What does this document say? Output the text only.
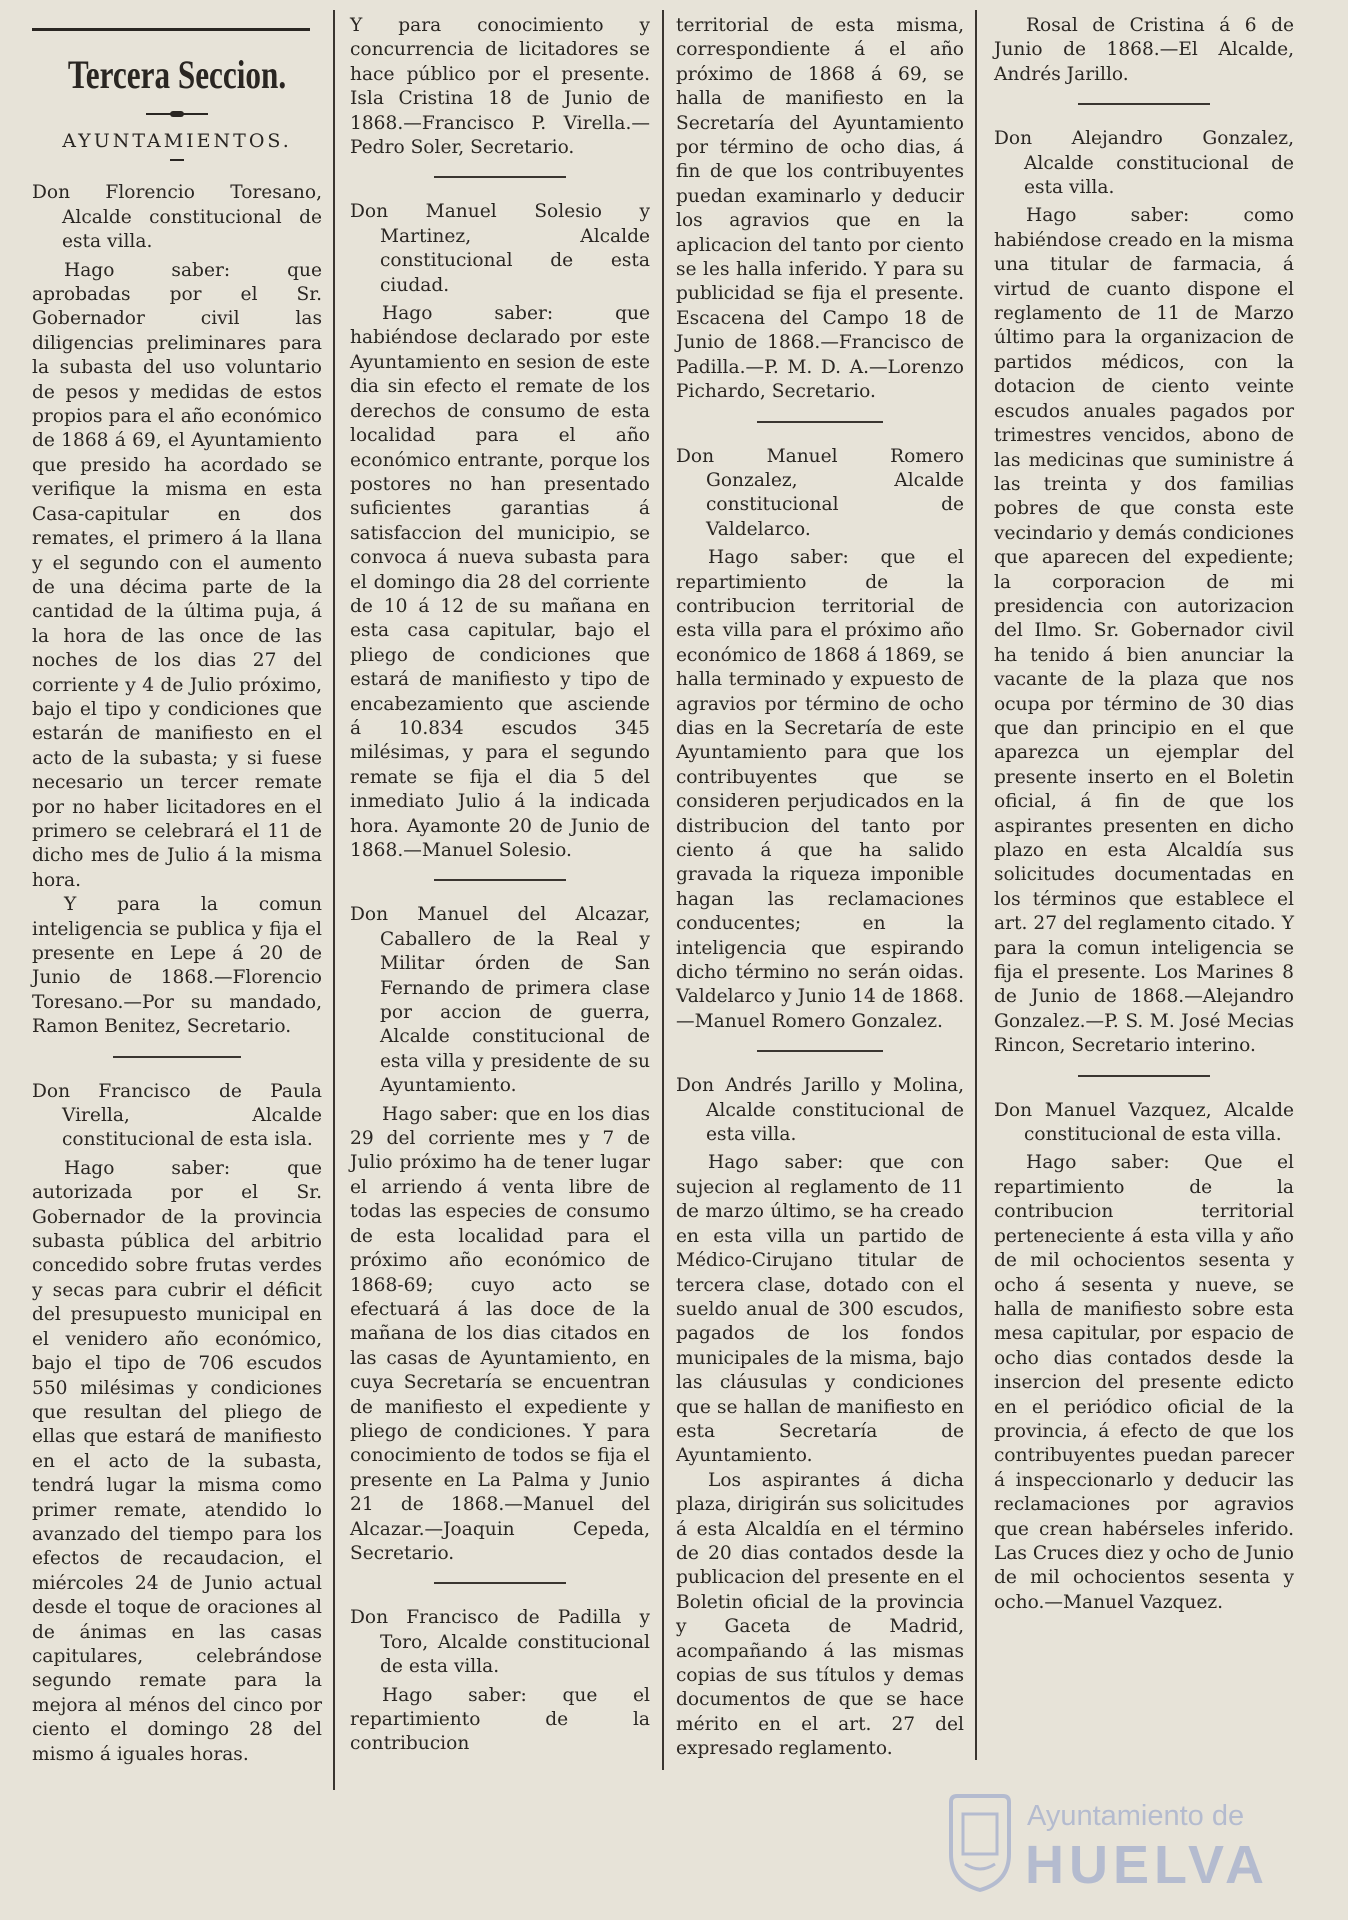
Tercera Seccion.
AYUNTAMIENTOS.
Don Florencio Toresano, Alcalde constitucional de esta villa.

Hago saber: que aprobadas por el Sr. Gobernador civil las diligencias preliminares para la subasta del uso voluntario de pesos y medidas de estos propios para el año económico de 1868 á 69, el Ayuntamiento que presido ha acordado se verifique la misma en esta Casa-capitular en dos remates, el primero á la llana y el segundo con el aumento de una décima parte de la cantidad de la última puja, á la hora de las once de las noches de los dias 27 del corriente y 4 de Julio próximo, bajo el tipo y condiciones que estarán de manifiesto en el acto de la subasta; y si fuese necesario un tercer remate por no haber licitadores en el primero se celebrará el 11 de dicho mes de Julio á la misma hora.

Y para la comun inteligencia se publica y fija el presente en Lepe á 20 de Junio de 1868.—Florencio Toresano.—Por su mandado, Ramon Benitez, Secretario.

Don Francisco de Paula Virella, Alcalde constitucional de esta isla.

Hago saber: que autorizada por el Sr. Gobernador de la provincia subasta pública del arbitrio concedido sobre frutas verdes y secas para cubrir el déficit del presupuesto municipal en el venidero año económico, bajo el tipo de 706 escudos 550 milésimas y condiciones que resultan del pliego de ellas que estará de manifiesto en el acto de la subasta, tendrá lugar la misma como primer remate, atendido lo avanzado del tiempo para los efectos de recaudacion, el miércoles 24 de Junio actual desde el toque de oraciones al de ánimas en las casas capitulares, celebrándose segundo remate para la mejora al ménos del cinco por ciento el domingo 28 del mismo á iguales horas.

Y para conocimiento y concurrencia de licitadores se hace público por el presente. Isla Cristina 18 de Junio de 1868.—Francisco P. Virella.—Pedro Soler, Secretario.

Don Manuel Solesio y Martinez, Alcalde constitucional de esta ciudad.

Hago saber: que habiéndose declarado por este Ayuntamiento en sesion de este dia sin efecto el remate de los derechos de consumo de esta localidad para el año económico entrante, porque los postores no han presentado suficientes garantias á satisfaccion del municipio, se convoca á nueva subasta para el domingo dia 28 del corriente de 10 á 12 de su mañana en esta casa capitular, bajo el pliego de condiciones que estará de manifiesto y tipo de encabezamiento que asciende á 10.834 escudos 345 milésimas, y para el segundo remate se fija el dia 5 del inmediato Julio á la indicada hora. Ayamonte 20 de Junio de 1868.—Manuel Solesio.

Don Manuel del Alcazar, Caballero de la Real y Militar órden de San Fernando de primera clase por accion de guerra, Alcalde constitucional de esta villa y presidente de su Ayuntamiento.

Hago saber: que en los dias 29 del corriente mes y 7 de Julio próximo ha de tener lugar el arriendo á venta libre de todas las especies de consumo de esta localidad para el próximo año económico de 1868-69; cuyo acto se efectuará á las doce de la mañana de los dias citados en las casas de Ayuntamiento, en cuya Secretaría se encuentran de manifiesto el expediente y pliego de condiciones. Y para conocimiento de todos se fija el presente en La Palma y Junio 21 de 1868.—Manuel del Alcazar.—Joaquin Cepeda, Secretario.

Don Francisco de Padilla y Toro, Alcalde constitucional de esta villa.

Hago saber: que el repartimiento de la contribucion

territorial de esta misma, correspondiente á el año próximo de 1868 á 69, se halla de manifiesto en la Secretaría del Ayuntamiento por término de ocho dias, á fin de que los contribuyentes puedan examinarlo y deducir los agravios que en la aplicacion del tanto por ciento se les halla inferido. Y para su publicidad se fija el presente. Escacena del Campo 18 de Junio de 1868.—Francisco de Padilla.—P. M. D. A.—Lorenzo Pichardo, Secretario.

Don Manuel Romero Gonzalez, Alcalde constitucional de Valdelarco.

Hago saber: que el repartimiento de la contribucion territorial de esta villa para el próximo año económico de 1868 á 1869, se halla terminado y expuesto de agravios por término de ocho dias en la Secretaría de este Ayuntamiento para que los contribuyentes que se consideren perjudicados en la distribucion del tanto por ciento á que ha salido gravada la riqueza imponible hagan las reclamaciones conducentes; en la inteligencia que espirando dicho término no serán oidas. Valdelarco y Junio 14 de 1868.—Manuel Romero Gonzalez.

Don Andrés Jarillo y Molina, Alcalde constitucional de esta villa.

Hago saber: que con sujecion al reglamento de 11 de marzo último, se ha creado en esta villa un partido de Médico-Cirujano titular de tercera clase, dotado con el sueldo anual de 300 escudos, pagados de los fondos municipales de la misma, bajo las cláusulas y condiciones que se hallan de manifiesto en esta Secretaría de Ayuntamiento.

Los aspirantes á dicha plaza, dirigirán sus solicitudes á esta Alcaldía en el término de 20 dias contados desde la publicacion del presente en el Boletin oficial de la provincia y Gaceta de Madrid, acompañando á las mismas copias de sus títulos y demas documentos de que se hace mérito en el art. 27 del expresado reglamento.

Rosal de Cristina á 6 de Junio de 1868.—El Alcalde, Andrés Jarillo.

Don Alejandro Gonzalez, Alcalde constitucional de esta villa.

Hago saber: como habiéndose creado en la misma una titular de farmacia, á virtud de cuanto dispone el reglamento de 11 de Marzo último para la organizacion de partidos médicos, con la dotacion de ciento veinte escudos anuales pagados por trimestres vencidos, abono de las medicinas que suministre á las treinta y dos familias pobres de que consta este vecindario y demás condiciones que aparecen del expediente; la corporacion de mi presidencia con autorizacion del Ilmo. Sr. Gobernador civil ha tenido á bien anunciar la vacante de la plaza que nos ocupa por término de 30 dias que dan principio en el que aparezca un ejemplar del presente inserto en el Boletin oficial, á fin de que los aspirantes presenten en dicho plazo en esta Alcaldía sus solicitudes documentadas en los términos que establece el art. 27 del reglamento citado. Y para la comun inteligencia se fija el presente. Los Marines 8 de Junio de 1868.—Alejandro Gonzalez.—P. S. M. José Mecias Rincon, Secretario interino.

Don Manuel Vazquez, Alcalde constitucional de esta villa.

Hago saber: Que el repartimiento de la contribucion territorial perteneciente á esta villa y año de mil ochocientos sesenta y ocho á sesenta y nueve, se halla de manifiesto sobre esta mesa capitular, por espacio de ocho dias contados desde la insercion del presente edicto en el periódico oficial de la provincia, á efecto de que los contribuyentes puedan parecer á inspeccionarlo y deducir las reclamaciones por agravios que crean habérseles inferido. Las Cruces diez y ocho de Junio de mil ochocientos sesenta y ocho.—Manuel Vazquez.

Ayuntamiento de
HUELVA
